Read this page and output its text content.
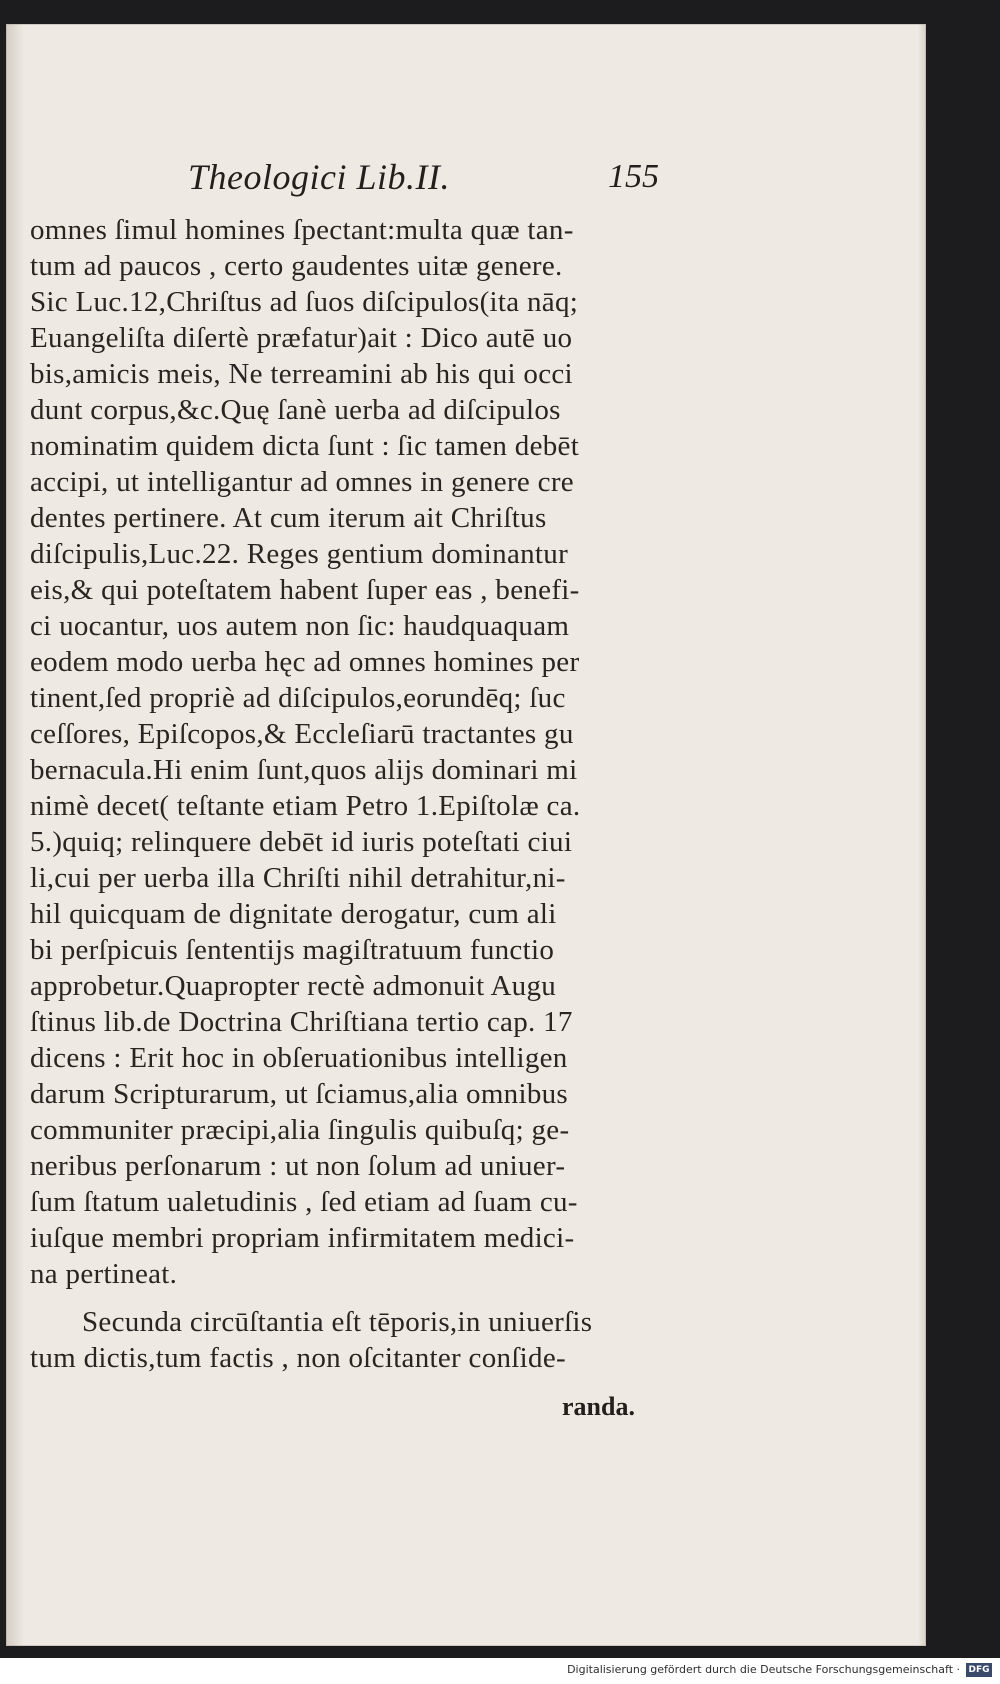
Theologici Lib.II.	155
omnes ſimul homines ſpectant:multa quæ tan-
tum ad paucos , certo gaudentes uitæ genere.
Sic Luc.12,Chriſtus ad ſuos diſcipulos(ita nāq;
Euangeliſta diſertè præfatur)ait : Dico autē uo
bis,amicis meis, Ne terreamini ab his qui occi
dunt corpus,&c.Quę ſanè uerba ad diſcipulos
nominatim quidem dicta ſunt : ſic tamen debēt
accipi, ut intelligantur ad omnes in genere cre
dentes pertinere. At cum iterum ait Chriſtus
diſcipulis,Luc.22. Reges gentium dominantur
eis,& qui poteſtatem habent ſuper eas , benefi-
ci uocantur, uos autem non ſic: haudquaquam
eodem modo uerba hęc ad omnes homines per
tinent,ſed propriè ad diſcipulos,eorundēq; ſuc
ceſſores, Epiſcopos,& Eccleſiarū tractantes gu
bernacula.Hi enim ſunt,quos alijs dominari mi
nimè decet( teſtante etiam Petro 1.Epiſtolæ ca.
5.)quiq; relinquere debēt id iuris poteſtati ciui
li,cui per uerba illa Chriſti nihil detrahitur,ni-
hil quicquam de dignitate derogatur, cum ali
bi perſpicuis ſententijs magiſtratuum functio
approbetur.Quapropter rectè admonuit Augu
ſtinus lib.de Doctrina Chriſtiana tertio cap. 17
dicens : Erit hoc in obſeruationibus intelligen
darum Scripturarum, ut ſciamus,alia omnibus
communiter præcipi,alia ſingulis quibuſq; ge-
neribus perſonarum : ut non ſolum ad uniuer-
ſum ſtatum ualetudinis , ſed etiam ad ſuam cu-
iuſque membri propriam infirmitatem medici-
na pertineat.
Secunda circūſtantia eſt tēporis,in uniuerſis
tum dictis,tum factis , non oſcitanter conſide-
randa.
Digitalisierung gefördert durch die Deutsche Forschungsgemeinschaft · DFG
